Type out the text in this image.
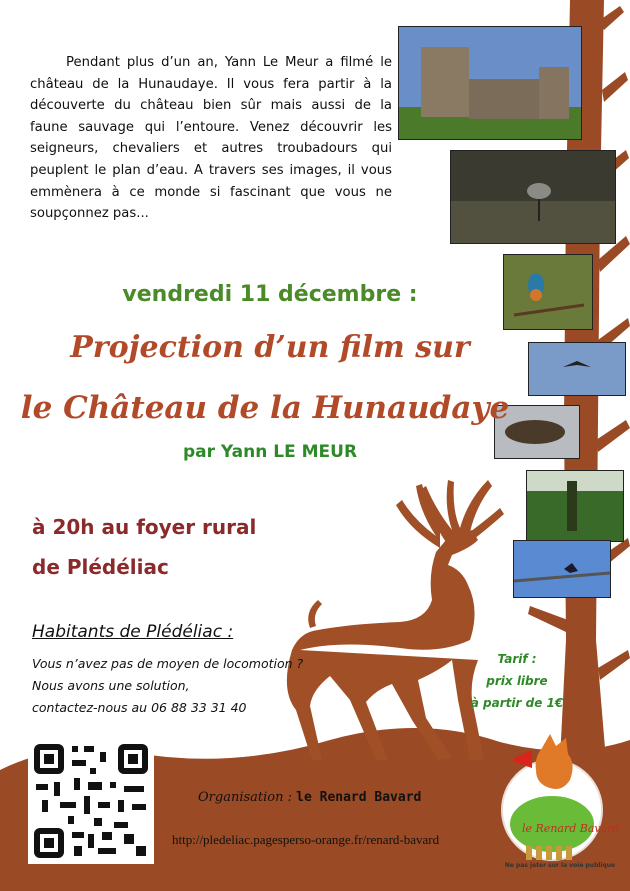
Pendant plus d’un an, Yann Le Meur a filmé le château de la Hunaudaye. Il vous fera partir à la découverte du château bien sûr mais aussi de la faune sauvage qui l’entoure. Venez découvrir les seigneurs, chevaliers et autres troubadours qui peuplent le plan d’eau. A travers ses images, il vous emmènera à ce monde si fascinant que vous ne soupçonnez pas...

vendredi 11 décembre :
Projection d’un film sur
le Château de la Hunaudaye
par Yann LE MEUR
à 20h au foyer rural
de Plédéliac
Habitants de Plédéliac :
Vous n’avez pas de moyen de locomotion ?
Nous avons une solution,
contactez-nous au 06 88 33 31 40
Tarif :
prix libre
à partir de 1€
Organisation : le Renard Bavard
http://pledeliac.pagesperso-orange.fr/renard-bavard
le Renard Bavard
Ne pas jeter sur la voie publique
